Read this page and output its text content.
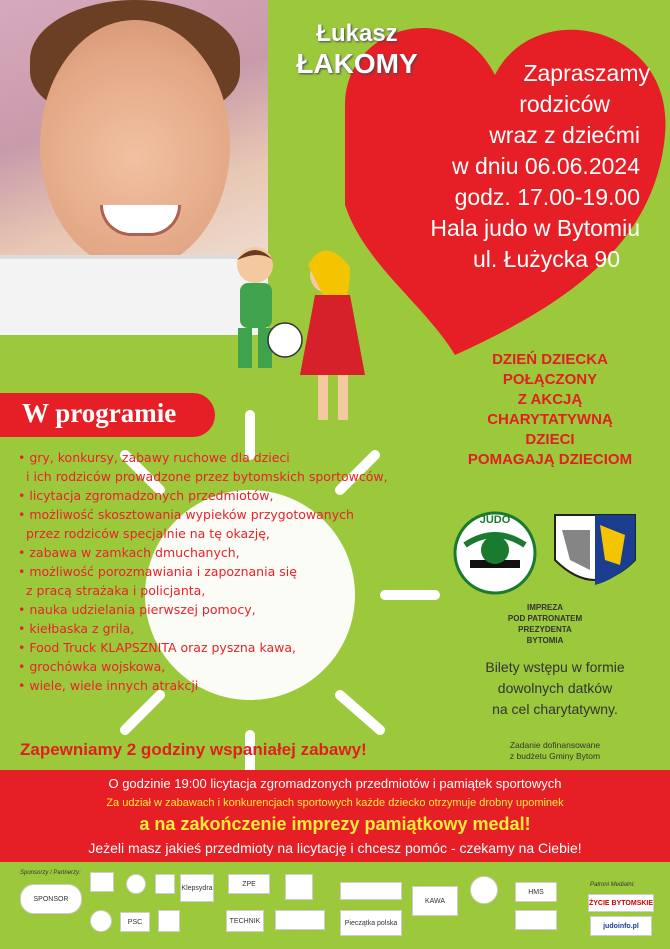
Łukasz
ŁAKOMY	Zapraszamy
rodziców
wraz z dziećmi
w dniu 06.06.2024
godz. 17.00-19.00
Hala judo w Bytomiu
ul. Łużycka 90
DZIEŃ DZIECKA
POŁĄCZONY
Z AKCJĄ
CHARYTATYWNĄ
DZIECI
POMAGAJĄ DZIECIOM
W programie
• gry, konkursy, zabawy ruchowe dla dzieci
i ich rodziców prowadzone przez bytomskich sportowców,
• licytacja zgromadzonych przedmiotów,
• możliwość skosztowania wypieków przygotowanych
przez rodziców specjalnie na tę okazję,
• zabawa w zamkach dmuchanych,
• możliwość porozmawiania i zapoznania się
z pracą strażaka i policjanta,
• nauka udzielania pierwszej pomocy,
• kiełbaska z grila,
• Food Truck KLAPSZNITA oraz pyszna kawa,
• grochówka wojskowa,
• wiele, wiele innych atrakcji
JUDO
IMPREZA
POD PATRONATEM
PREZYDENTA
BYTOMIA
Bilety wstępu w formie
dowolnych datków
na cel charytatywny.
Zadanie dofinansowane
z budżetu Gminy Bytom
Zapewniamy 2 godziny wspaniałej zabawy!
O godzinie 19:00 licytacja zgromadzonych przedmiotów i pamiątek sportowych
Za udział w zabawach i konkurencjach sportowych każde dziecko otrzymuje drobny upominek
a na zakończenie imprezy pamiątkowy medal!
Jeżeli masz jakieś przedmioty na licytację i chcesz pomóc - czekamy na Ciebie!
Sponsorzy / Partnerzy:
Patroni Medialni:
SPONSOR
Klepsydra
ZPE
Pieczątka polska
KAWA
HMS
TECHNIK
PSC
ŻYCIE BYTOMSKIE
judoinfo.pl
